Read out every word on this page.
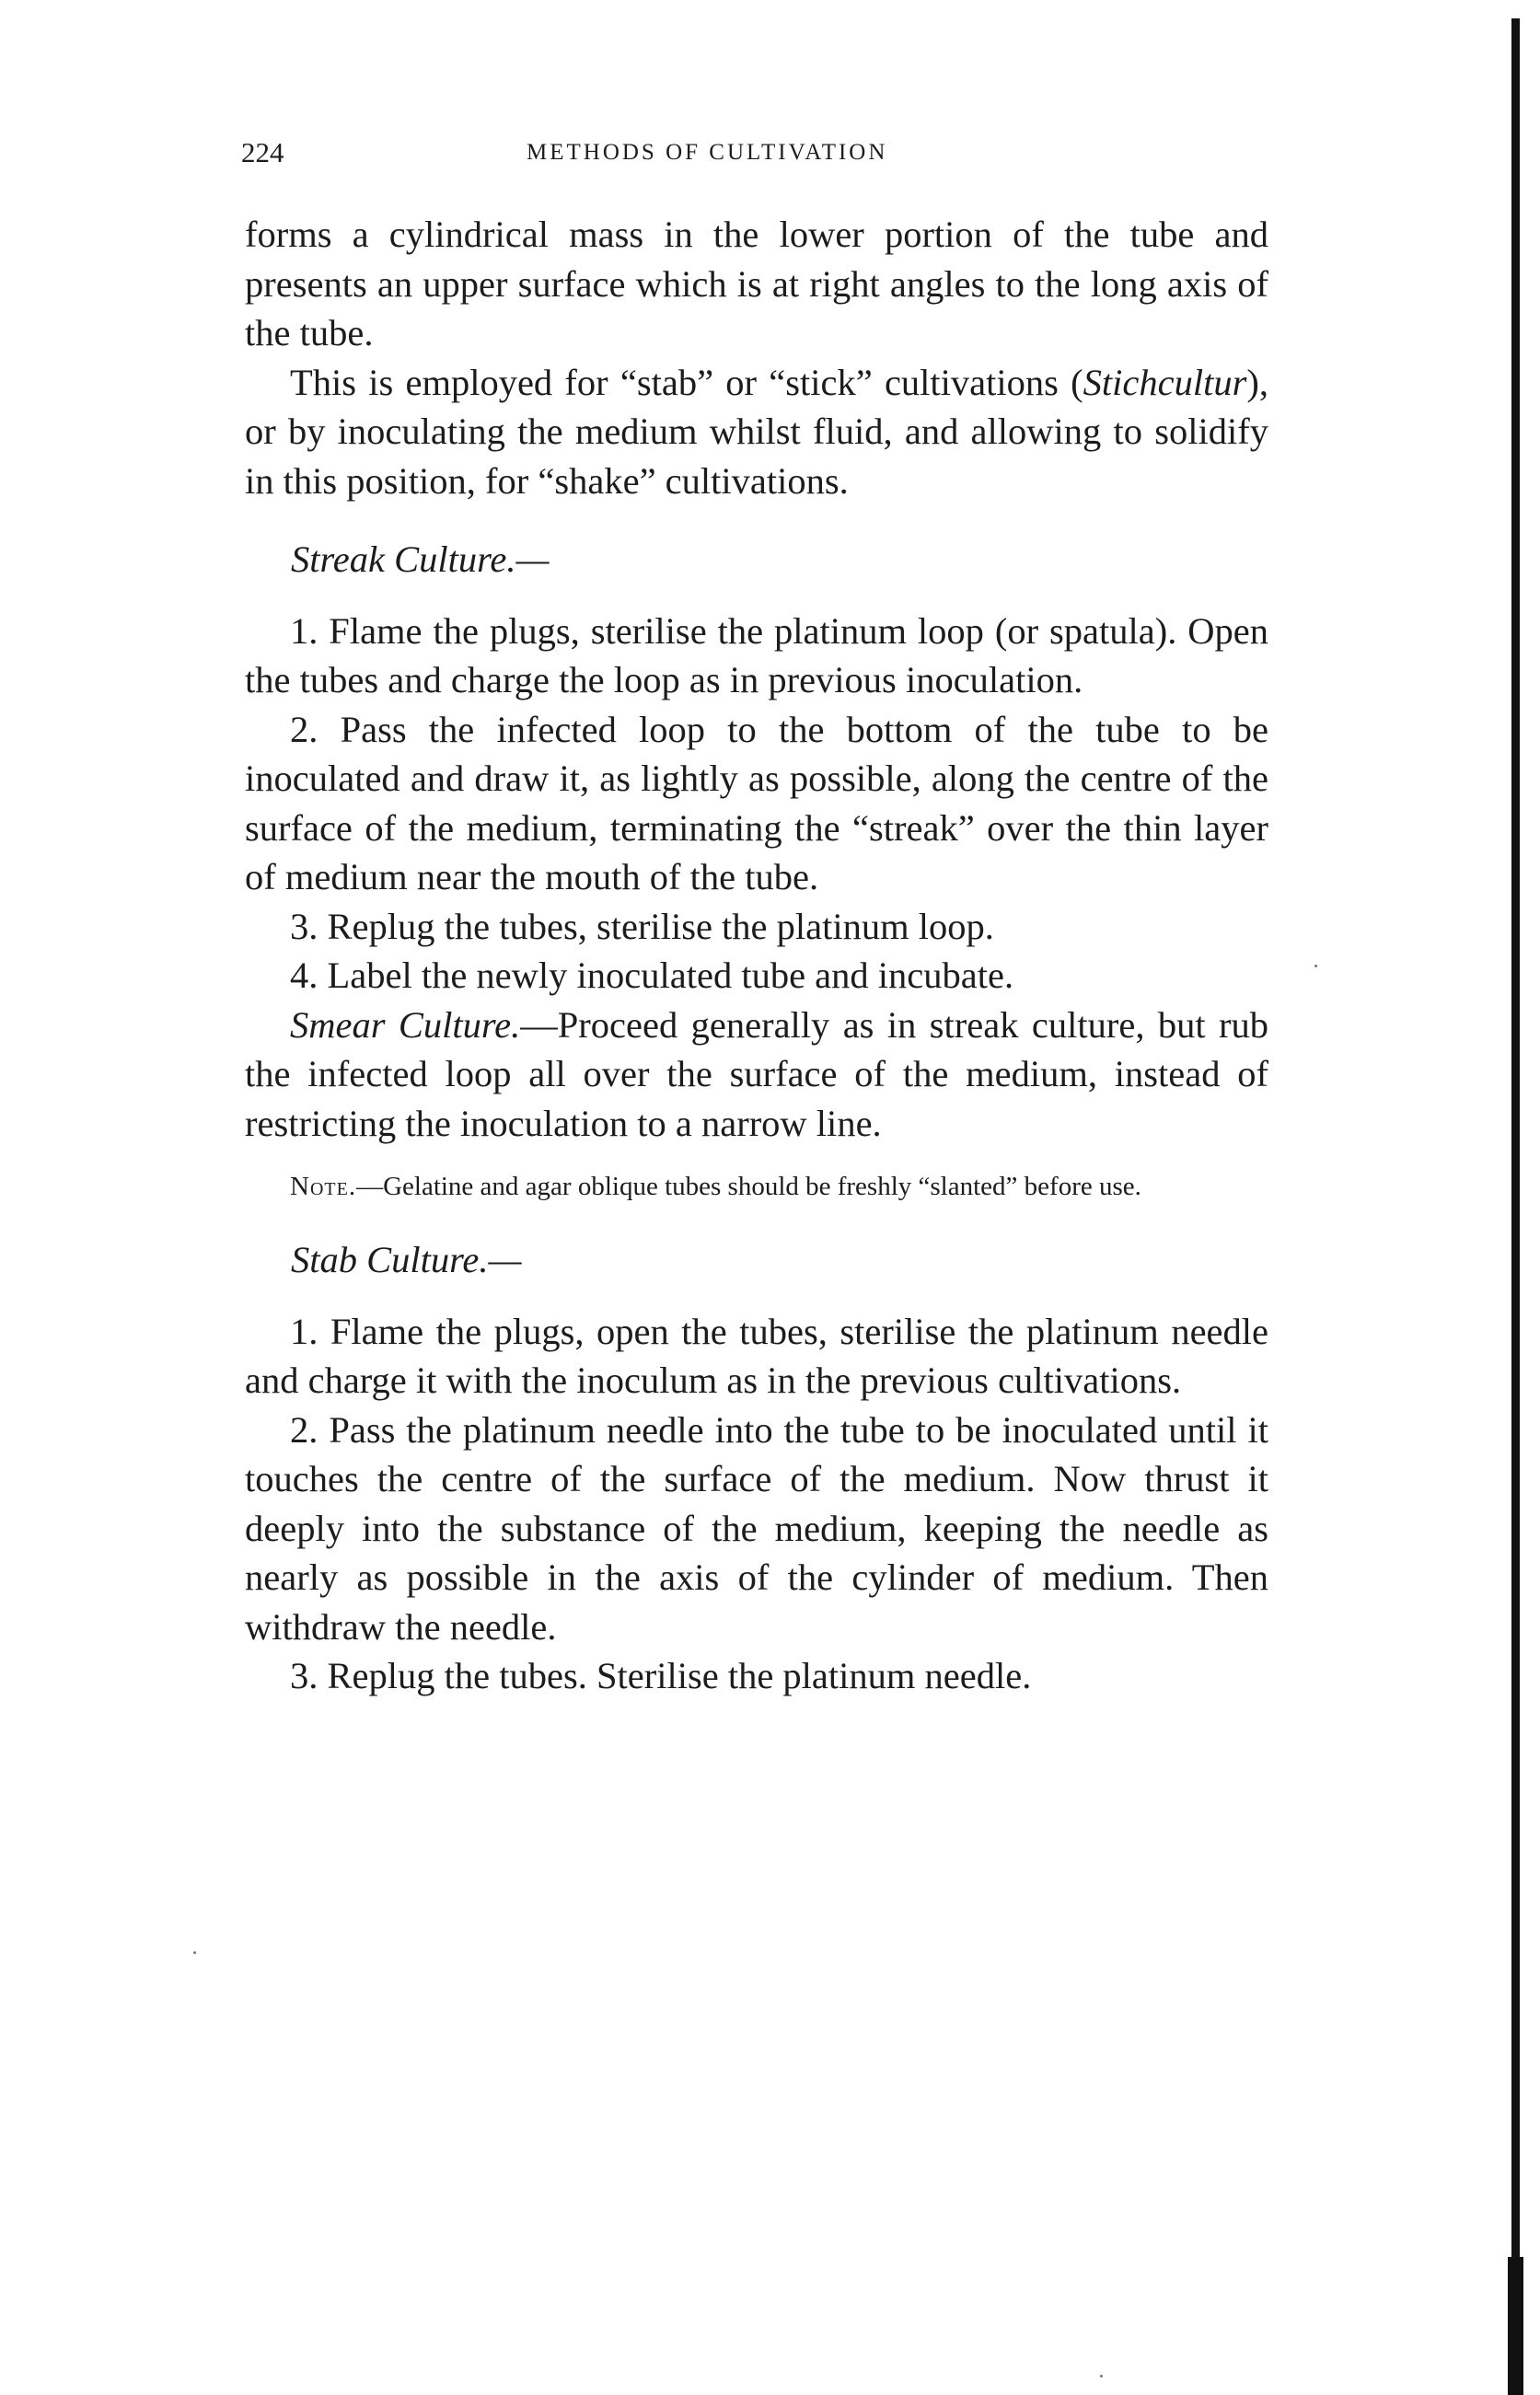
224	METHODS OF CULTIVATION

forms a cylindrical mass in the lower portion of the tube and presents an upper surface which is at right angles to the long axis of the tube.

This is employed for “stab” or “stick” cultivations (Stichcultur), or by inoculating the medium whilst fluid, and allowing to solidify in this position, for “shake” cultivations.

Streak Culture.—

1. Flame the plugs, sterilise the platinum loop (or spatula). Open the tubes and charge the loop as in previous inoculation.

2. Pass the infected loop to the bottom of the tube to be inoculated and draw it, as lightly as possible, along the centre of the surface of the medium, terminating the “streak” over the thin layer of medium near the mouth of the tube.

3. Replug the tubes, sterilise the platinum loop.

4. Label the newly inoculated tube and incubate.

Smear Culture.—Proceed generally as in streak culture, but rub the infected loop all over the surface of the medium, instead of restricting the inoculation to a narrow line.

Note.—Gelatine and agar oblique tubes should be freshly “slanted” before use.

Stab Culture.—

1. Flame the plugs, open the tubes, sterilise the platinum needle and charge it with the inoculum as in the previous cultivations.

2. Pass the platinum needle into the tube to be inoculated until it touches the centre of the surface of the medium. Now thrust it deeply into the substance of the medium, keeping the needle as nearly as possible in the axis of the cylinder of medium. Then withdraw the needle.

3. Replug the tubes. Sterilise the platinum needle.
